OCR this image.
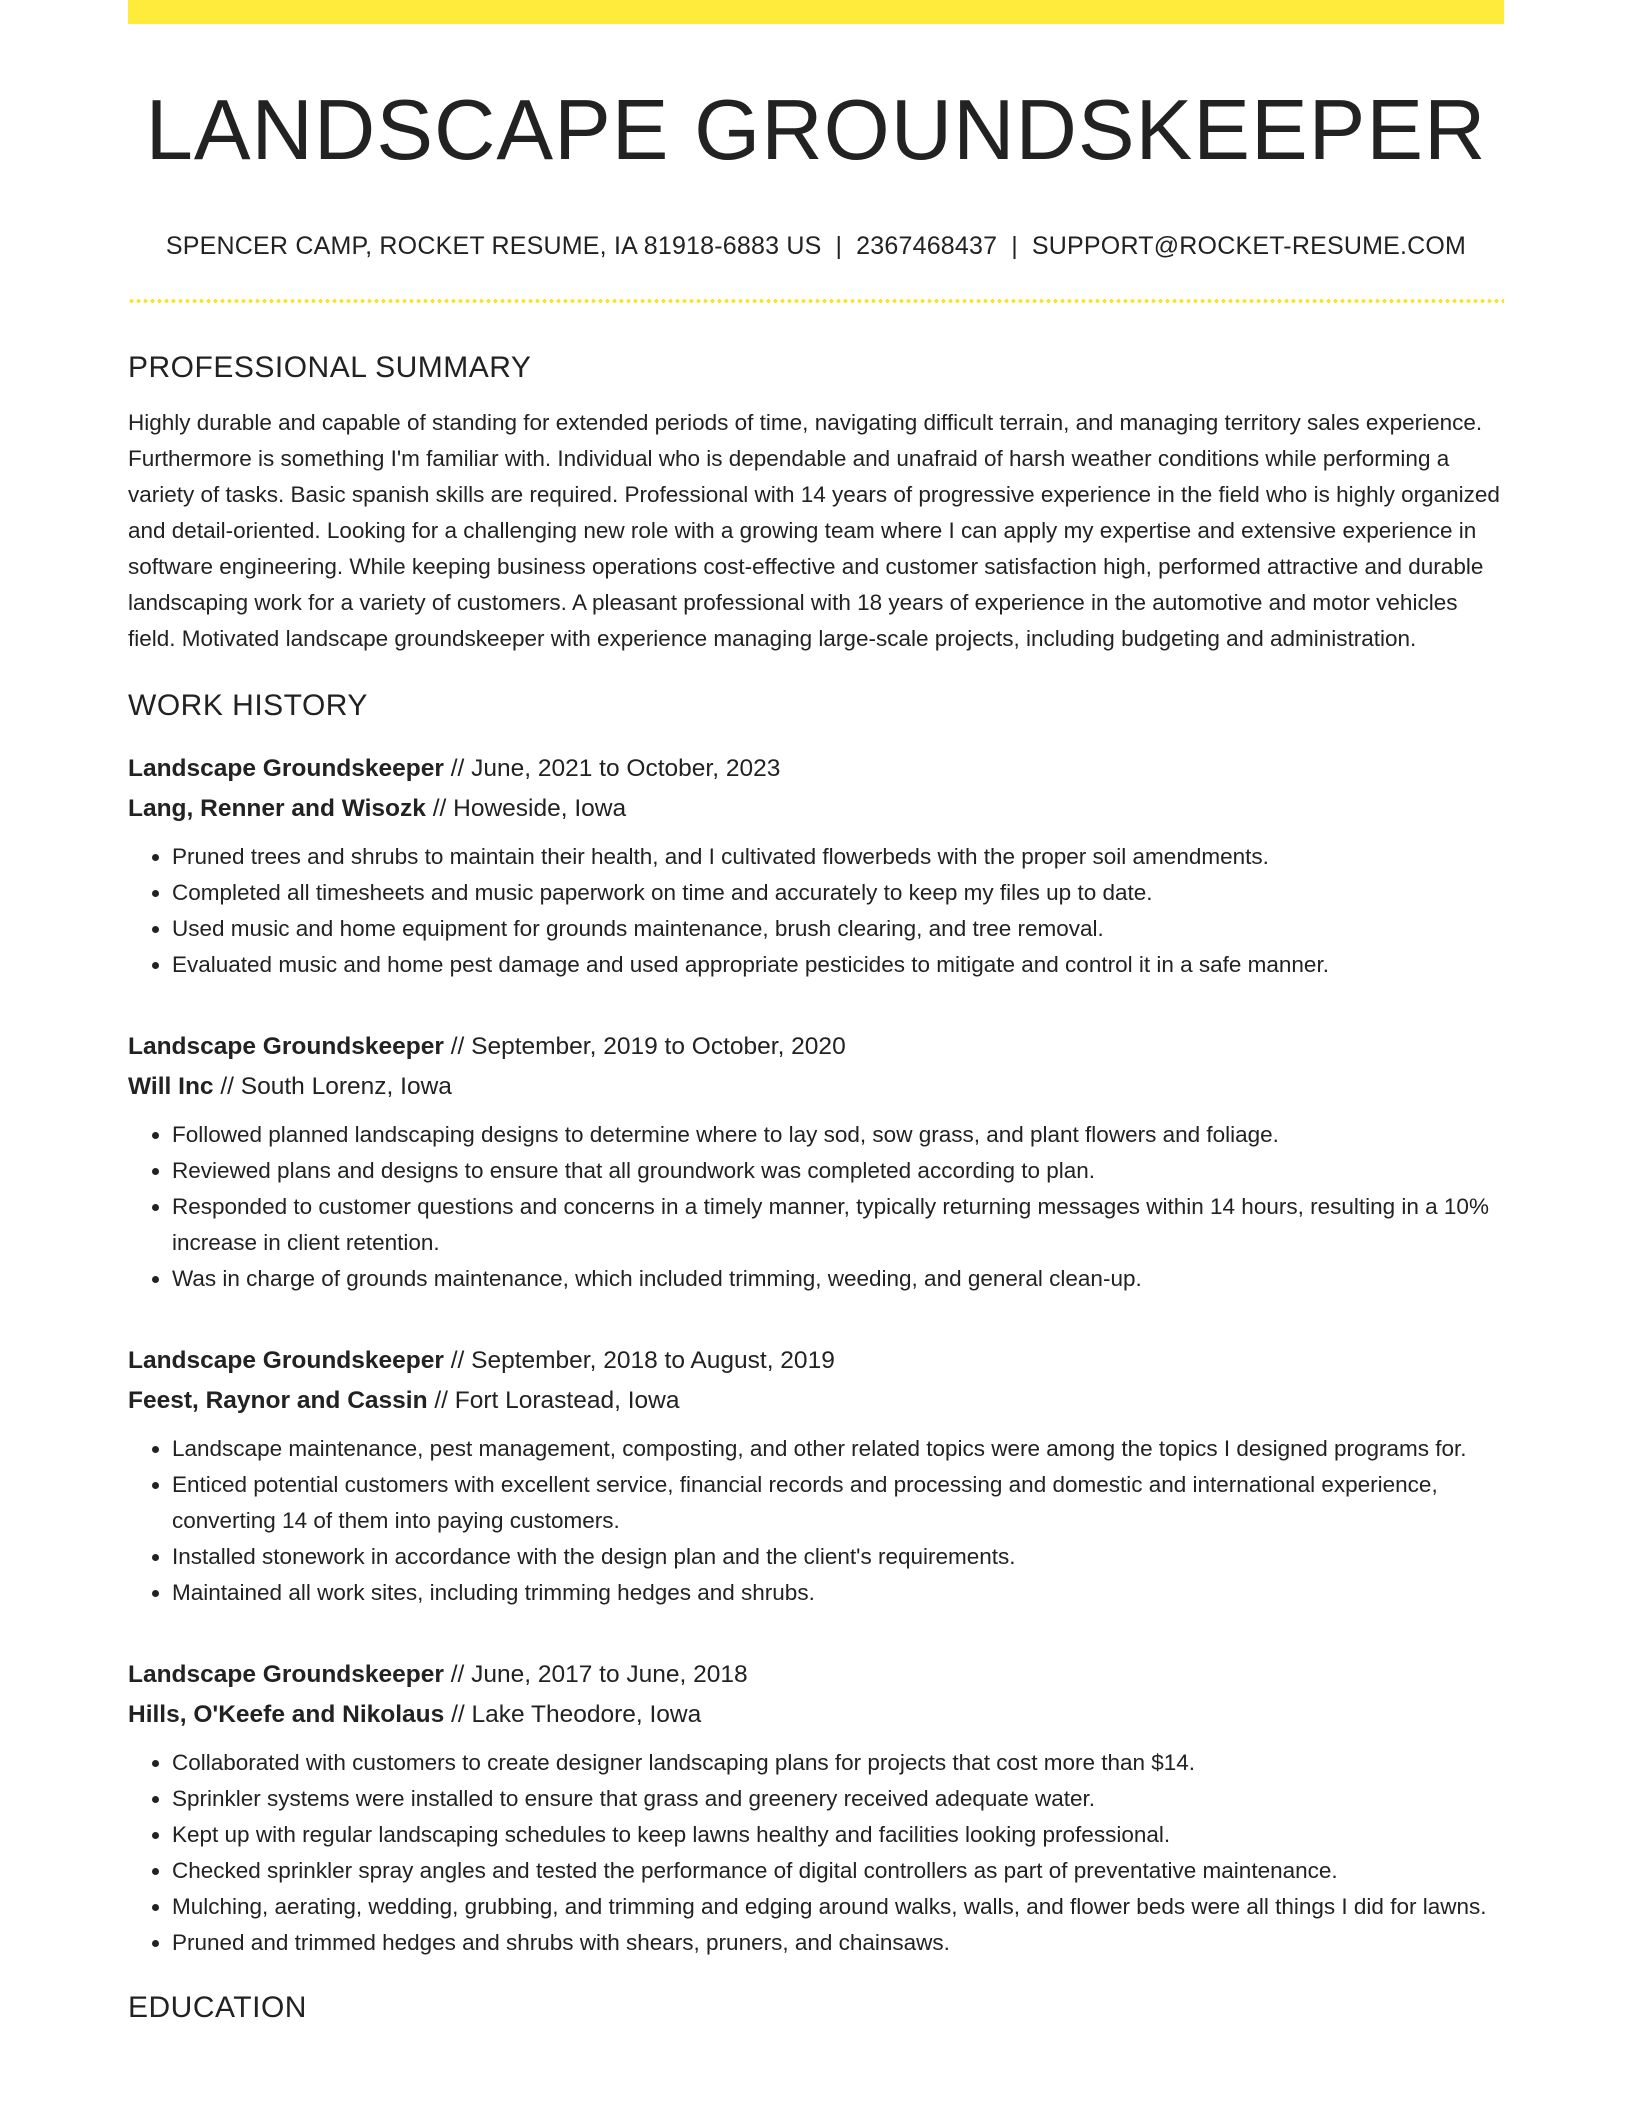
LANDSCAPE GROUNDSKEEPER
SPENCER CAMP, ROCKET RESUME, IA 81918-6883 US | 2367468437 | SUPPORT@ROCKET-RESUME.COM
PROFESSIONAL SUMMARY
Highly durable and capable of standing for extended periods of time, navigating difficult terrain, and managing territory sales experience. Furthermore is something I'm familiar with. Individual who is dependable and unafraid of harsh weather conditions while performing a variety of tasks. Basic spanish skills are required. Professional with 14 years of progressive experience in the field who is highly organized and detail-oriented. Looking for a challenging new role with a growing team where I can apply my expertise and extensive experience in software engineering. While keeping business operations cost-effective and customer satisfaction high, performed attractive and durable landscaping work for a variety of customers. A pleasant professional with 18 years of experience in the automotive and motor vehicles field. Motivated landscape groundskeeper with experience managing large-scale projects, including budgeting and administration.
WORK HISTORY
Landscape Groundskeeper // June, 2021 to October, 2023
Lang, Renner and Wisozk // Howeside, Iowa
• Pruned trees and shrubs to maintain their health, and I cultivated flowerbeds with the proper soil amendments.
• Completed all timesheets and music paperwork on time and accurately to keep my files up to date.
• Used music and home equipment for grounds maintenance, brush clearing, and tree removal.
• Evaluated music and home pest damage and used appropriate pesticides to mitigate and control it in a safe manner.
Landscape Groundskeeper // September, 2019 to October, 2020
Will Inc // South Lorenz, Iowa
• Followed planned landscaping designs to determine where to lay sod, sow grass, and plant flowers and foliage.
• Reviewed plans and designs to ensure that all groundwork was completed according to plan.
• Responded to customer questions and concerns in a timely manner, typically returning messages within 14 hours, resulting in a 10% increase in client retention.
• Was in charge of grounds maintenance, which included trimming, weeding, and general clean-up.
Landscape Groundskeeper // September, 2018 to August, 2019
Feest, Raynor and Cassin // Fort Lorastead, Iowa
• Landscape maintenance, pest management, composting, and other related topics were among the topics I designed programs for.
• Enticed potential customers with excellent service, financial records and processing and domestic and international experience, converting 14 of them into paying customers.
• Installed stonework in accordance with the design plan and the client's requirements.
• Maintained all work sites, including trimming hedges and shrubs.
Landscape Groundskeeper // June, 2017 to June, 2018
Hills, O'Keefe and Nikolaus // Lake Theodore, Iowa
• Collaborated with customers to create designer landscaping plans for projects that cost more than $14.
• Sprinkler systems were installed to ensure that grass and greenery received adequate water.
• Kept up with regular landscaping schedules to keep lawns healthy and facilities looking professional.
• Checked sprinkler spray angles and tested the performance of digital controllers as part of preventative maintenance.
• Mulching, aerating, wedding, grubbing, and trimming and edging around walks, walls, and flower beds were all things I did for lawns.
• Pruned and trimmed hedges and shrubs with shears, pruners, and chainsaws.
EDUCATION
